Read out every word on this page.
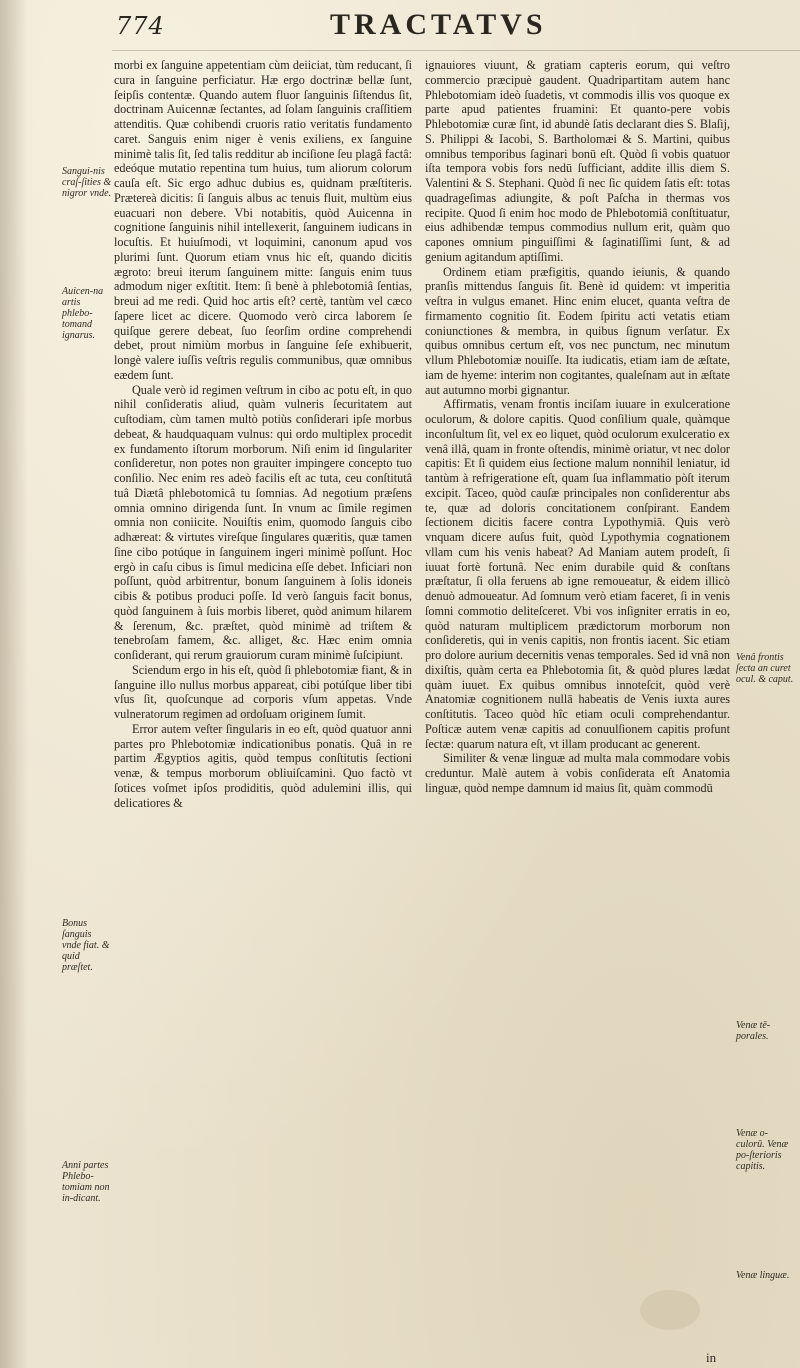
774	TRACTATVS

morbi ex ſanguine appetentiam cùm deiiciat, tùm reducant, ſi cura in ſanguine perficiatur. Hæ ergo doctrinæ bellæ ſunt, ſeipſis contentæ. Quando autem fluor ſanguinis ſiſtendus ſit, doctrinam Auicennæ ſectantes, ad ſolam ſanguinis craſſitiem attenditis. Quæ cohibendi cruoris ratio veritatis fundamento caret. Sanguis enim niger è venis exiliens, ex ſanguine minimè talis ſit, ſed talis redditur ab inciſione ſeu plagâ factâ: edeóque mutatio repentina tum huius, tum aliorum colorum cauſa eſt. Sic ergo adhuc dubius es, quidnam præſtiteris. Prætereà dicitis: ſi ſanguis albus ac tenuis fluit, multùm eius euacuari non debere. Vbi notabitis, quòd Auicenna in cognitione ſanguinis nihil intellexerit, ſanguinem iudicans in locuſtis. Et huiuſmodi, vt loquimini, canonum apud vos plurimi ſunt. Quorum etiam vnus hic eſt, quando dicitis ægroto: breui iterum ſanguinem mitte: ſanguis enim tuus admodum niger exſtitit. Item: ſi benè à phlebotomiâ ſentias, breui ad me redi. Quid hoc artis eſt? certè, tantùm vel cæco ſapere licet ac dicere. Quomodo verò circa laborem ſe quiſque gerere debeat, ſuo ſeorſim ordine comprehendi debet, prout nimiùm morbus in ſanguine ſeſe exhibuerit, longè valere iuſſis veſtris regulis communibus, quæ omnibus eædem ſunt.

Quale verò id regimen veſtrum in cibo ac potu eſt, in quo nihil conſideratis aliud, quàm vulneris ſecuritatem aut cuſtodiam, cùm tamen multò potiùs conſiderari ipſe morbus debeat, & haudquaquam vulnus: qui ordo multiplex procedit ex fundamento iſtorum morborum. Niſi enim id ſingulariter conſideretur, non potes non grauiter impingere concepto tuo conſilio. Nec enim res adeò facilis eſt ac tuta, ceu conſtitutâ tuâ Diætâ phlebotomicâ tu ſomnias. Ad negotium præſens omnia omnino dirigenda ſunt. In vnum ac ſimile regimen omnia non coniicite. Nouiſtis enim, quomodo ſanguis cibo adhæreat: & virtutes vireſque ſingulares quæritis, quæ tamen ſine cibo potúque in ſanguinem ingeri minimè poſſunt. Hoc ergò in caſu cibus is ſimul medicina eſſe debet. Inficiari non poſſunt, quòd arbitrentur, bonum ſanguinem à ſolis idoneis cibis & potibus produci poſſe. Id verò ſanguis facit bonus, quòd ſanguinem à ſuis morbis liberet, quòd animum hilarem & ſerenum, &c. præſtet, quòd minimè ad triſtem & tenebroſam famem, &c. alliget, &c. Hæc enim omnia conſiderant, qui rerum grauiorum curam minimè ſuſcipiunt.

Sciendum ergo in his eſt, quòd ſi phlebotomiæ fiant, & in ſanguine illo nullus morbus appareat, cibi potúſque liber tibi vſus ſit, quoſcunque ad corporis vſum appetas. Vnde vulneratorum regimen ad ordoſuam originem ſumit.

Error autem veſter ſingularis in eo eſt, quòd quatuor anni partes pro Phlebotomiæ indicationibus ponatis. Quâ in re partim Ægyptios agitis, quòd tempus conſtitutis ſectioni venæ, & tempus morborum obliuiſcamini. Quo factò vt ſotices voſmet ipſos prodiditis, quòd adulemini illis, qui delicatiores &

ignauiores viuunt, & gratiam capteris eorum, qui veſtro commercio præcipuè gaudent. Quadripartitam autem hanc Phlebotomiam ideò ſuadetis, vt commodis illis vos quoque ex parte apud patientes fruamini: Et quanto-pere vobis Phlebotomiæ curæ ſint, id abundè ſatis declarant dies S. Blaſij, S. Philippi & Iacobi, S. Bartholomæi & S. Martini, quibus omnibus temporibus ſaginari bonū eſt. Quòd ſi vobis quatuor iſta tempora vobis fors nedū ſufficiant, addite illis diem S. Valentini & S. Stephani. Quòd ſi nec ſic quidem ſatis eſt: totas quadrageſimas adiungite, & poſt Paſcha in thermas vos recipite. Quod ſi enim hoc modo de Phlebotomiâ conſtituatur, eius adhibendæ tempus commodius nullum erit, quàm quo capones omnium pinguiſſimi & ſaginatiſſimi ſunt, & ad genium agitandum aptiſſimi.

Ordinem etiam præfigitis, quando ieiunis, & quando pranſis mittendus ſanguis ſit. Benè id quidem: vt imperitia veſtra in vulgus emanet. Hinc enim elucet, quanta veſtra de firmamento cognitio ſit. Eodem ſpiritu acti vetatis etiam coniunctiones & membra, in quibus ſignum verſatur. Ex quibus omnibus certum eſt, vos nec punctum, nec minutum vllum Phlebotomiæ nouiſſe. Ita iudicatis, etiam iam de æſtate, iam de hyeme: interim non cogitantes, qualeſnam aut in æſtate aut autumno morbi gignantur.

Affirmatis, venam frontis inciſam iuuare in exulceratione oculorum, & dolore capitis. Quod conſilium quale, quàmque inconſultum ſit, vel ex eo liquet, quòd oculorum exulceratio ex venâ illâ, quam in fronte oſtendis, minimè oriatur, vt nec dolor capitis: Et ſi quidem eius ſectione malum nonnihil leniatur, id tantùm à refrigeratione eſt, quam ſua inflammatio pòſt iterum excipit. Taceo, quòd cauſæ principales non conſiderentur abs te, quæ ad doloris concitationem conſpirant. Eandem ſectionem dicitis facere contra Lypothymiā. Quis verò vnquam dicere auſus fuit, quòd Lypothymia cognationem vllam cum his venis habeat? Ad Maniam autem prodeſt, ſi iuuat fortè fortunâ. Nec enim durabile quid & conſtans præſtatur, ſi olla feruens ab igne remoueatur, & eidem illicò denuò admoueatur. Ad ſomnum verò etiam faceret, ſi in venis ſomni commotio deliteſceret. Vbi vos inſigniter erratis in eo, quòd naturam multiplicem prædictorum morborum non conſideretis, qui in venis capitis, non frontis iacent. Sic etiam pro dolore aurium decernitis venas temporales. Sed id vnâ non dixiſtis, quàm certa ea Phlebotomia ſit, & quòd plures lædat quàm iuuet. Ex quibus omnibus innoteſcit, quòd verè Anatomiæ cognitionem nullā habeatis de Venis iuxta aures conſtitutis. Taceo quòd hîc etiam oculi comprehendantur. Poſticæ autem venæ capitis ad conuulſionem capitis profunt ſectæ: quarum natura eſt, vt illam producant ac generent.

Similiter & venæ linguæ ad multa mala commodare vobis creduntur. Malè autem à vobis conſiderata eſt Anatomia linguæ, quòd nempe damnum id maius ſit, quàm commodū

Sangui-nis craſ-ſities & nigror vnde.
Auicen-na artis phlebo-tomand ignarus.
Bonus ſanguis vnde fiat. & quid præſtet.
Anni partes Phlebo-tomiam non in-dicant.
Venâ frontis ſecta an curet ocul. & caput.
Venæ tē-porales.
Venæ o-culorū. Venæ po-ſterioris capitis.
Venæ linguæ.
in
